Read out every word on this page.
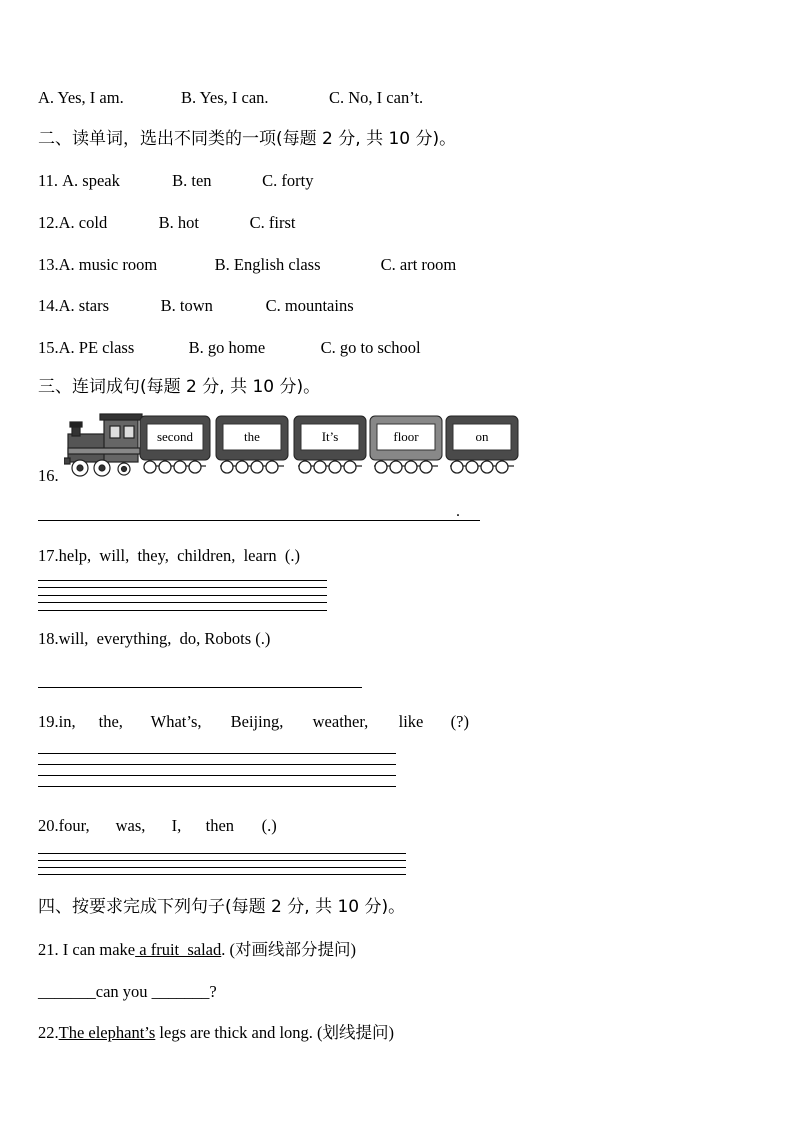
A. Yes, I am.	B. Yes, I can.	C. No, I can’t.
二、读单词，选出不同类的一项(每题 2 分, 共 10 分)。
11. A. speak	B. ten	C. forty
12.A. cold	B. hot	C. first
13.A. music room	B. English class	C. art room
14.A. stars	B. town	C. mountains
15.A. PE class	B. go home	C. go to school
三、连词成句(每题 2 分, 共 10 分)。
16.
second	the	It’s	floor	on
.
17.help,  will,  they,  children,  learn  (.)
18.will,  everything,  do, Robots (.)
19.in, the, What’s, Beijing, weather, like (?)
20.four, was, I, then (.)
四、按要求完成下列句子(每题 2 分, 共 10 分)。
21. I can make a fruit  salad. (对画线部分提问)
_______can you _______?
22.The elephant’s legs are thick and long. (划线提问)
